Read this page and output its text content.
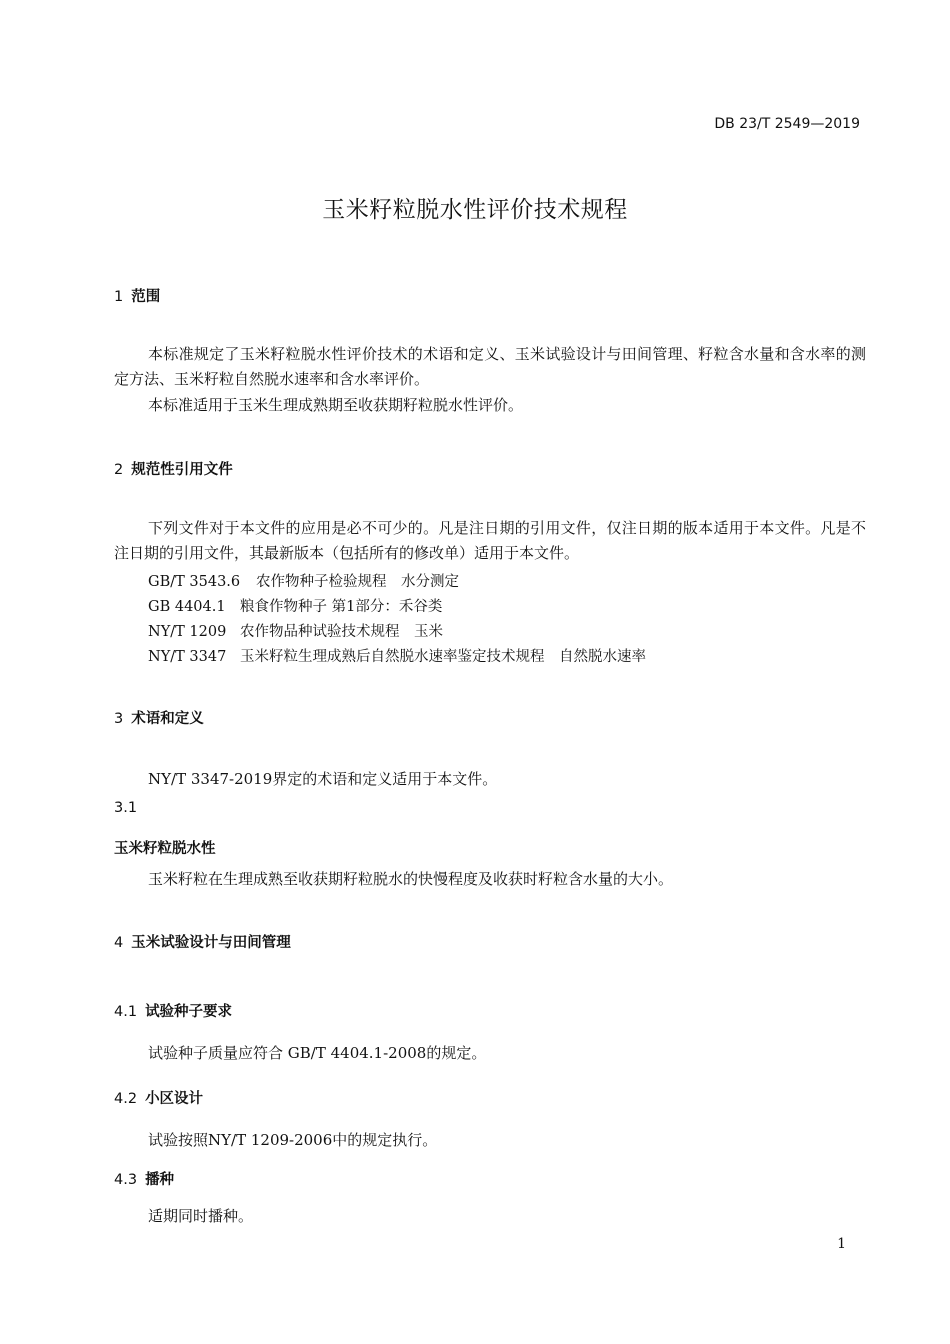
DB 23/T 2549—2019
玉米籽粒脱水性评价技术规程
1 范围
本标准规定了玉米籽粒脱水性评价技术的术语和定义、玉米试验设计与田间管理、籽粒含水量和含水率的测定方法、玉米籽粒自然脱水速率和含水率评价。
本标准适用于玉米生理成熟期至收获期籽粒脱水性评价。
2 规范性引用文件
下列文件对于本文件的应用是必不可少的。凡是注日期的引用文件，仅注日期的版本适用于本文件。凡是不注日期的引用文件，其最新版本（包括所有的修改单）适用于本文件。
GB/T 3543.6 农作物种子检验规程　水分测定
GB 4404.1 粮食作物种子 第1部分：禾谷类
NY/T 1209 农作物品种试验技术规程　玉米
NY/T 3347 玉米籽粒生理成熟后自然脱水速率鉴定技术规程　自然脱水速率
3 术语和定义
NY/T 3347-2019界定的术语和定义适用于本文件。
3.1
玉米籽粒脱水性
玉米籽粒在生理成熟至收获期籽粒脱水的快慢程度及收获时籽粒含水量的大小。
4 玉米试验设计与田间管理
4.1 试验种子要求
试验种子质量应符合 GB/T 4404.1-2008的规定。
4.2 小区设计
试验按照NY/T 1209-2006中的规定执行。
4.3 播种
适期同时播种。
1
